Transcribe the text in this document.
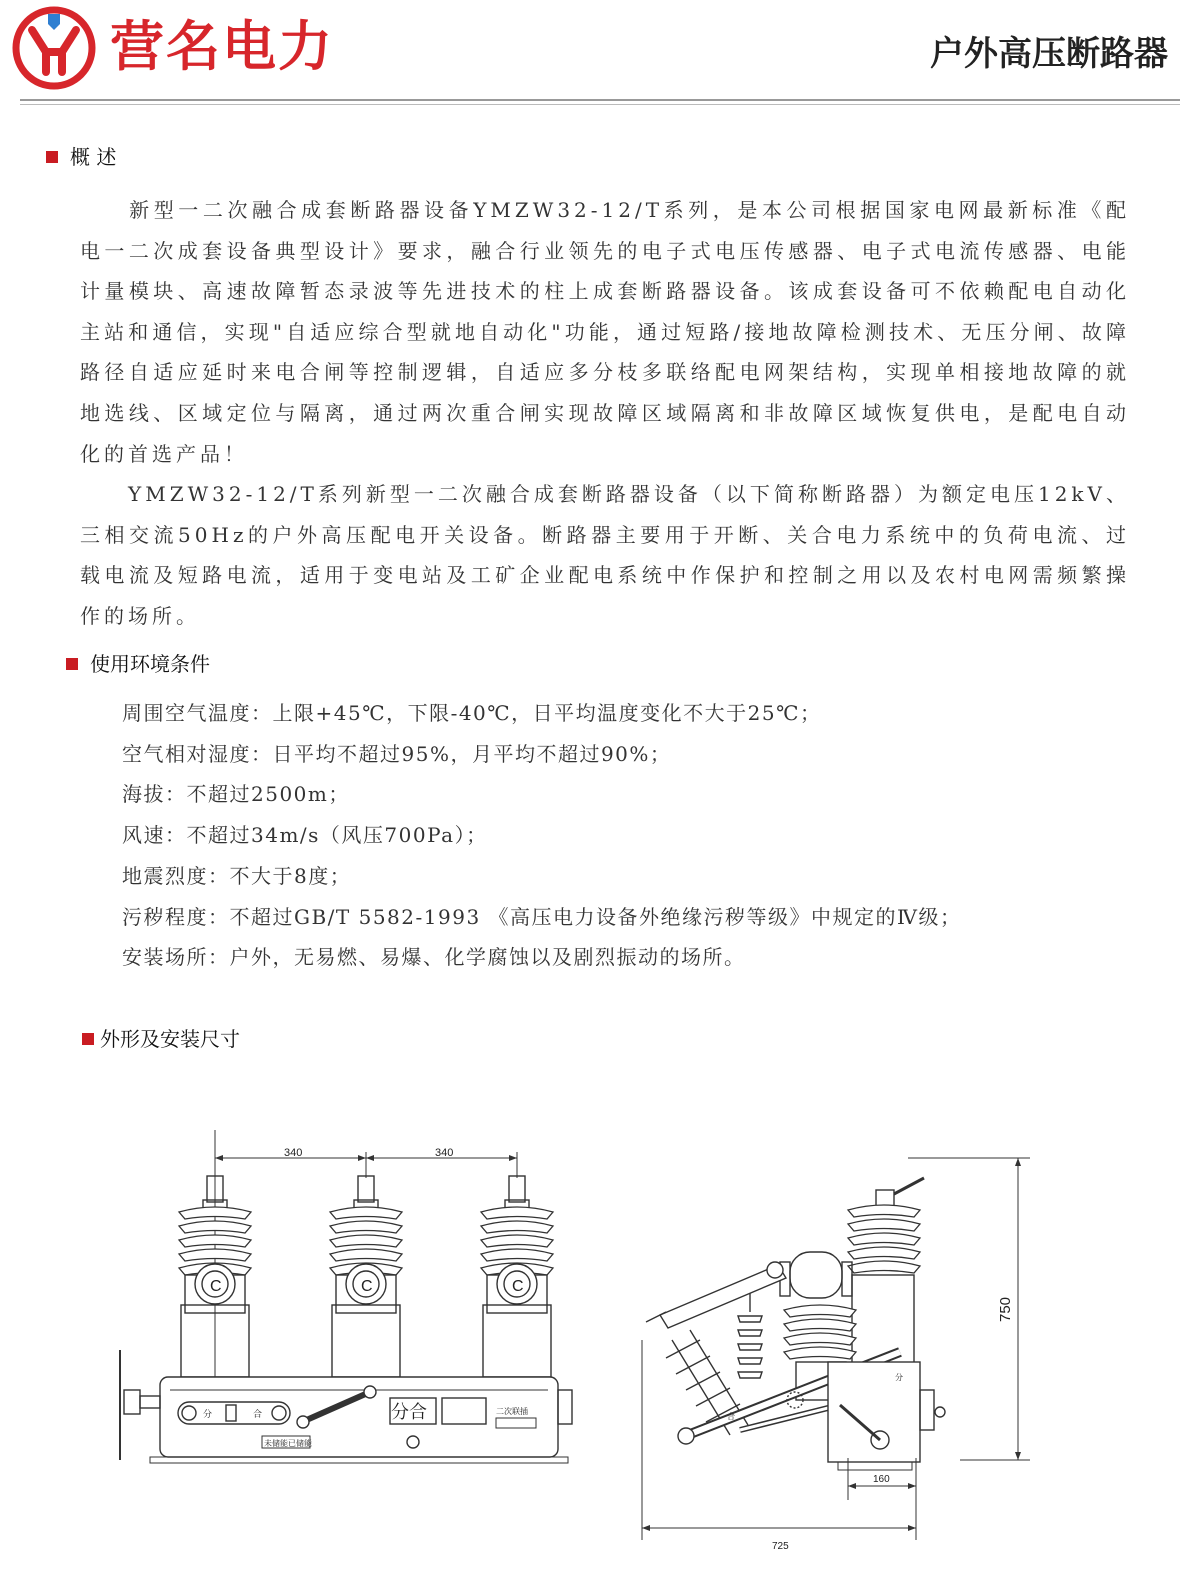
营名电力	户外高压断路器
概 述

　　新型一二次融合成套断路器设备YMZW32-12/T系列，是本公司根据国家电网最新标准《配电一二次成套设备典型设计》要求，融合行业领先的电子式电压传感器、电子式电流传感器、电能计量模块、高速故障暂态录波等先进技术的柱上成套断路器设备。该成套设备可不依赖配电自动化主站和通信，实现"自适应综合型就地自动化"功能，通过短路/接地故障检测技术、无压分闸、故障路径自适应延时来电合闸等控制逻辑，自适应多分枝多联络配电网架结构，实现单相接地故障的就地选线、区域定位与隔离，通过两次重合闸实现故障区域隔离和非故障区域恢复供电，是配电自动化的首选产品！

　　YMZW32-12/T系列新型一二次融合成套断路器设备（以下简称断路器）为额定电压12kV、三相交流50Hz的户外高压配电开关设备。断路器主要用于开断、关合电力系统中的负荷电流、过载电流及短路电流，适用于变电站及工矿企业配电系统中作保护和控制之用以及农村电网需频繁操作的场所。

使用环境条件
周围空气温度：上限+45℃，下限-40℃，日平均温度变化不大于25℃；
空气相对湿度：日平均不超过95%，月平均不超过90%；
海拔：不超过2500m；
风速：不超过34m/s（风压700Pa）；
地震烈度：不大于8度；
污秽程度：不超过GB/T 5582-1993 《高压电力设备外绝缘污秽等级》中规定的Ⅳ级；
安装场所：户外，无易燃、易爆、化学腐蚀以及剧烈振动的场所。
外形及安装尺寸
340	340
C	C	C
分	合	分合	二次联插
未储能已储能
750
160
725
分
合
